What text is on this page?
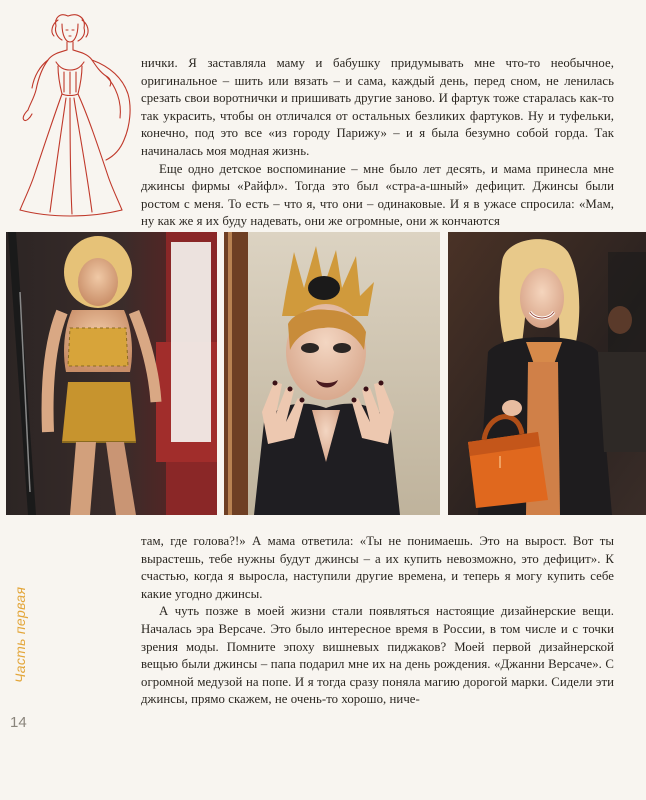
нички. Я заставляла маму и бабушку придумывать мне что-то необычное, оригинальное – шить или вязать – и сама, каждый день, перед сном, не ленилась срезать свои воротнички и пришивать другие заново. И фартук тоже старалась как-то так украсить, чтобы он отличался от остальных безликих фартуков. Ну и туфельки, конечно, под это все «из городу Парижу» – и я была безумно собой горда. Так начиналась моя модная жизнь.

Еще одно детское воспоминание – мне было лет десять, и мама принесла мне джинсы фирмы «Райфл». Тогда это был «стра-а-шный» дефицит. Джинсы были ростом с меня. То есть – что я, что они – одинаковые. И я в ужасе спросила: «Мам, ну как же я их буду надевать, они же огромные, они ж кончаются

там, где голова?!» А мама ответила: «Ты не понимаешь. Это на вырост. Вот ты вырастешь, тебе нужны будут джинсы – а их купить невозможно, это дефицит». К счастью, когда я выросла, наступили другие времена, и теперь я могу купить себе какие угодно джинсы.

А чуть позже в моей жизни стали появляться настоящие дизайнерские вещи. Началась эра Версаче. Это было интересное время в России, в том числе и с точки зрения моды. Помните эпоху вишневых пиджаков? Моей первой дизайнерской вещью были джинсы – папа подарил мне их на день рождения. «Джанни Версаче». С огромной медузой на попе. И я тогда сразу поняла магию дорогой марки. Сидели эти джинсы, прямо скажем, не очень-то хорошо, ниче-

Часть первая
14
